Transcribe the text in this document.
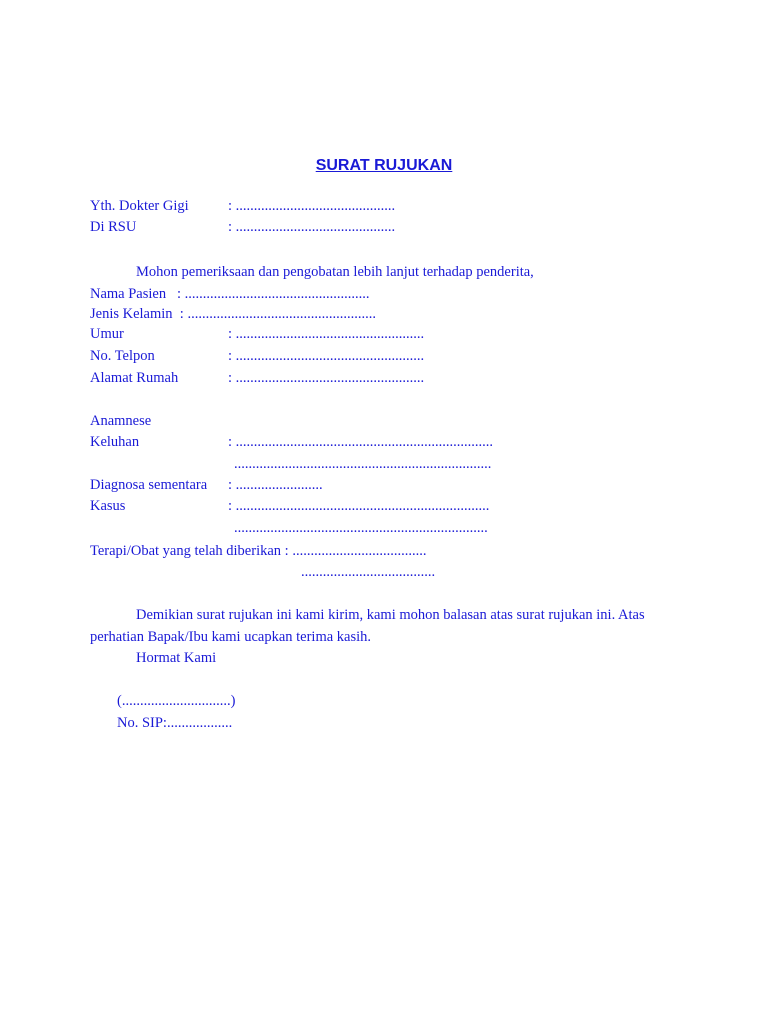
SURAT RUJUKAN
Yth. Dokter Gigi	: ............................................
Di RSU	: ............................................
Mohon pemeriksaan dan pengobatan lebih lanjut terhadap penderita,
Nama Pasien   : ...................................................
Jenis Kelamin  : ....................................................
Umur	: ....................................................
No. Telpon	: ....................................................
Alamat Rumah	: ....................................................
Anamnese
Keluhan	: .......................................................................
.......................................................................
Diagnosa sementara : ........................
Kasus	: ......................................................................
......................................................................
Terapi/Obat yang telah diberikan : .....................................
.....................................
Demikian surat rujukan ini kami kirim, kami mohon balasan atas surat rujukan ini. Atas
perhatian Bapak/Ibu kami ucapkan terima kasih.
Hormat Kami
(..............................)
No. SIP:..................
